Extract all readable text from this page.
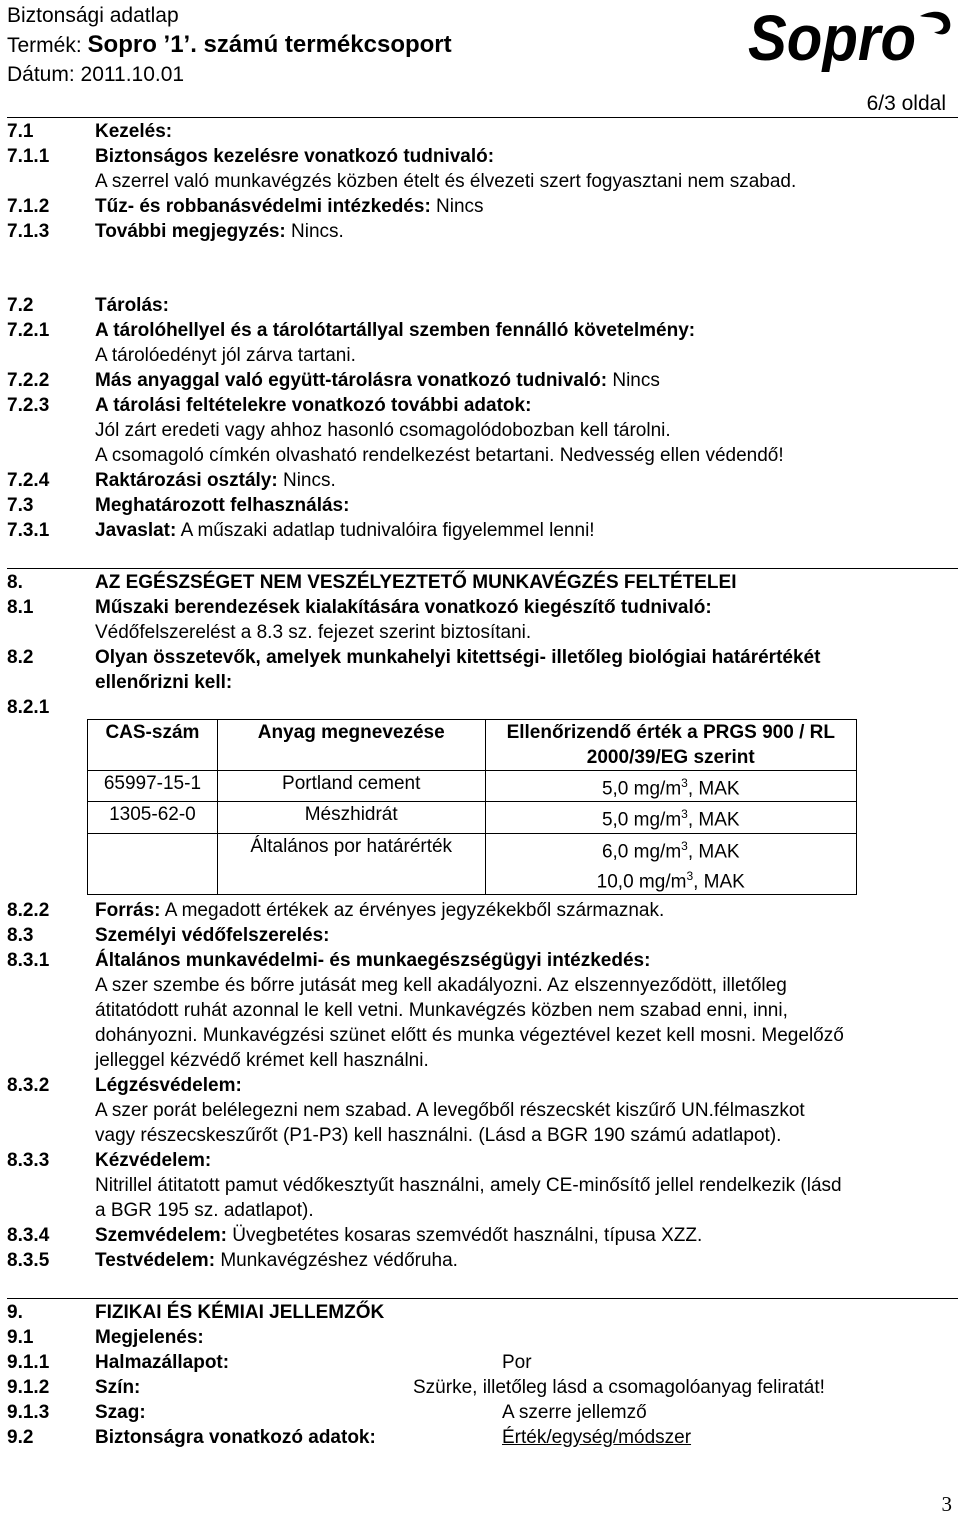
Biztonsági adatlap
Termék: Sopro ’1’. számú termékcsoport
Dátum: 2011.10.01
Sopro
6/3 oldal
7.1	Kezelés:
7.1.1 Biztonságos kezelésre vonatkozó tudnivaló:
A szerrel való munkavégzés közben ételt és élvezeti szert fogyasztani nem szabad.
7.1.2 Tűz- és robbanásvédelmi intézkedés: Nincs
7.1.3 További megjegyzés: Nincs.
7.2	Tárolás:
7.2.1 A tárolóhellyel és a tárolótartállyal szemben fennálló követelmény:
A tárolóedényt jól zárva tartani.
7.2.2 Más anyaggal való együtt-tárolásra vonatkozó tudnivaló: Nincs
7.2.3 A tárolási feltételekre vonatkozó további adatok:
Jól zárt eredeti vagy ahhoz hasonló csomagolódobozban kell tárolni.
A csomagoló címkén olvasható rendelkezést betartani. Nedvesség ellen védendő!
7.2.4 Raktározási osztály: Nincs.
7.3	Meghatározott felhasználás:
7.3.1 Javaslat: A műszaki adatlap tudnivalóira figyelemmel lenni!
8.	AZ EGÉSZSÉGET NEM VESZÉLYEZTETŐ MUNKAVÉGZÉS FELTÉTELEI
8.1	Műszaki berendezések kialakítására vonatkozó kiegészítő tudnivaló:
Védőfelszerelést a 8.3 sz. fejezet szerint biztosítani.
8.2	Olyan összetevők, amelyek munkahelyi kitettségi- illetőleg biológiai határértékét
ellenőrizni kell:
8.2.1
CAS-szám	Anyag megnevezése	Ellenőrizendő érték a PRGS 900 / RL 2000/39/EG szerint
65997-15-1	Portland cement	5,0 $mg/m^3$, MAK
1305-62-0	Mészhidrát	5,0 $mg/m^3$, MAK
	Általános por határérték	6,0 $mg/m^3$, MAK
10,0 $mg/m^3$, MAK
8.2.2 Forrás: A megadott értékek az érvényes jegyzékekből származnak.
8.3	Személyi védőfelszerelés:
8.3.1 Általános munkavédelmi- és munkaegészségügyi intézkedés:
A szer szembe és bőrre jutását meg kell akadályozni. Az elszennyeződött, illetőleg
átitatódott ruhát azonnal le kell vetni. Munkavégzés közben nem szabad enni, inni,
dohányozni. Munkavégzési szünet előtt és munka végeztével kezet kell mosni. Megelőző
jelleggel kézvédő krémet kell használni.
8.3.2 Légzésvédelem:
A szer porát belélegezni nem szabad. A levegőből részecskét kiszűrő UN.félmaszkot
vagy részecskeszűrőt (P1-P3) kell használni. (Lásd a BGR 190 számú adatlapot).
8.3.3 Kézvédelem:
Nitrillel átitatott pamut védőkesztyűt használni, amely CE-minősítő jellel rendelkezik (lásd
a BGR 195 sz. adatlapot).
8.3.4 Szemvédelem: Üvegbetétes kosaras szemvédőt használni, típusa XZZ.
8.3.5 Testvédelem: Munkavégzéshez védőruha.
9.	FIZIKAI ÉS KÉMIAI JELLEMZŐK
9.1	Megjelenés:
9.1.1 Halmazállapot:	Por
9.1.2 Szín:	Szürke, illetőleg lásd a csomagolóanyag feliratát!
9.1.3 Szag:	A szerre jellemző
9.2	Biztonságra vonatkozó adatok:	Érték/egység/módszer
3
